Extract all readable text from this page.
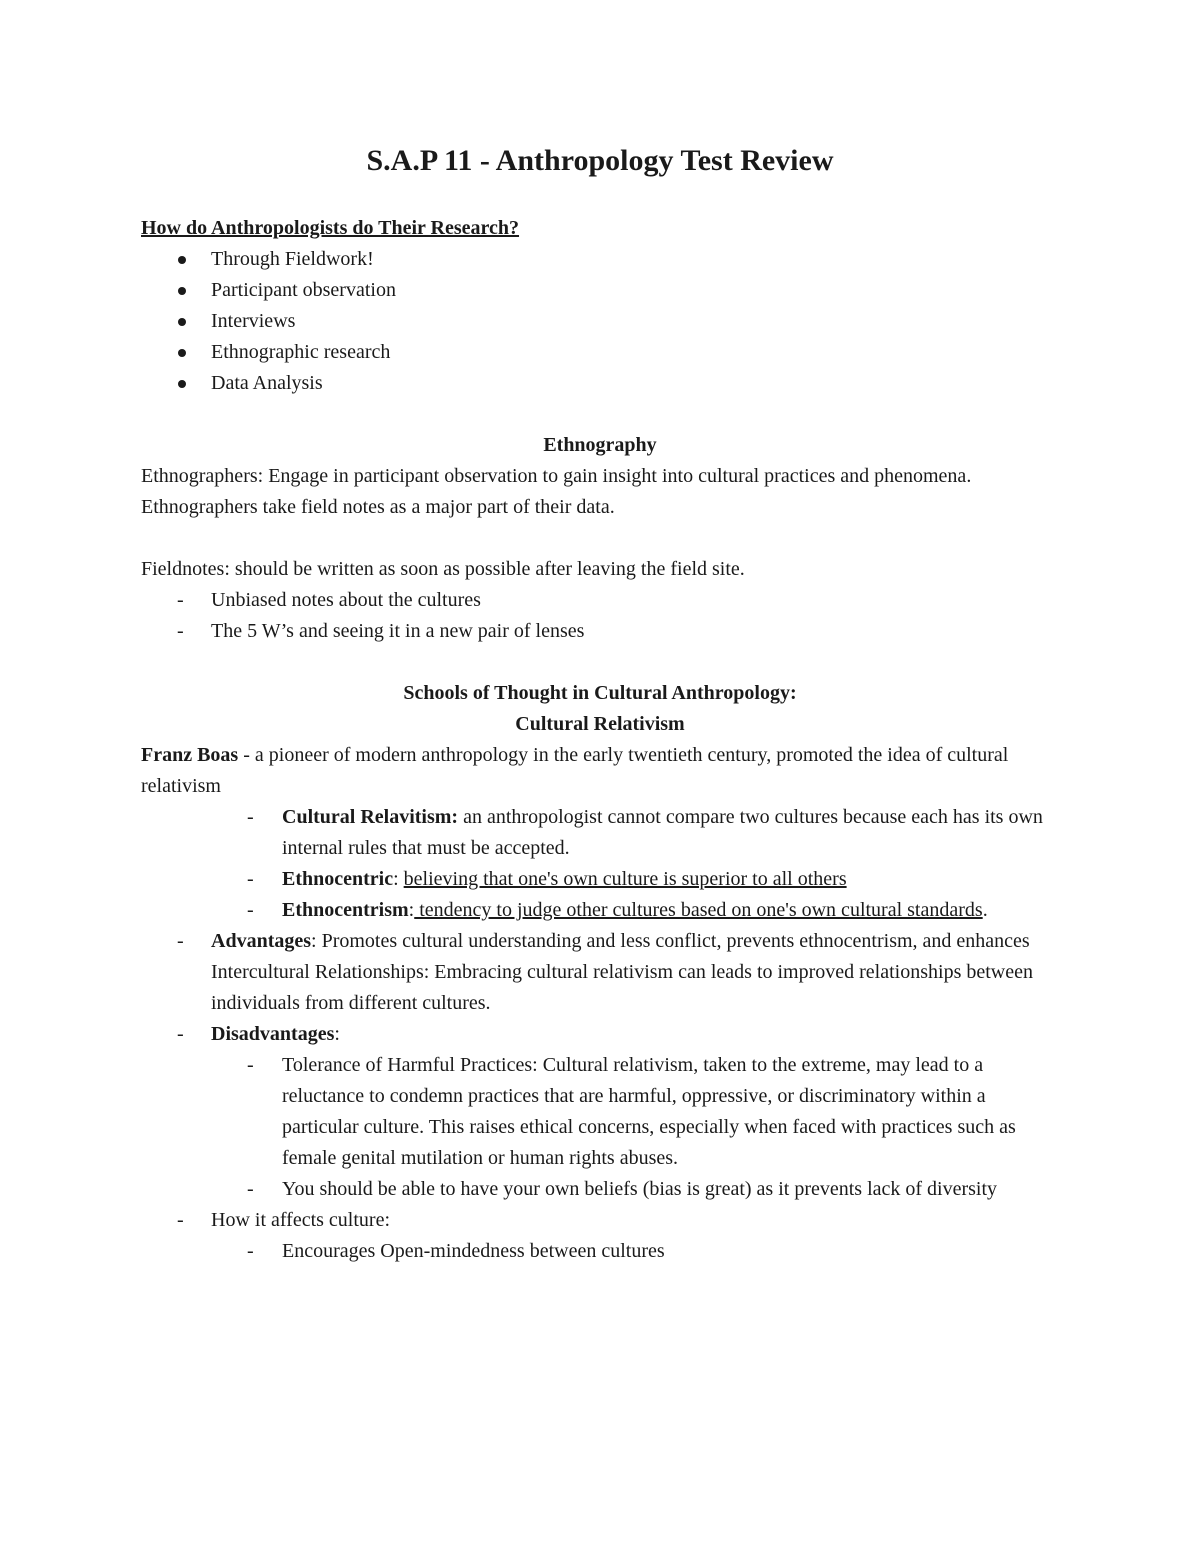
S.A.P 11 - Anthropology Test Review
How do Anthropologists do Their Research?
Through Fieldwork!
Participant observation
Interviews
Ethnographic research
Data Analysis
Ethnography
Ethnographers: Engage in participant observation to gain insight into cultural practices and phenomena. Ethnographers take field notes as a major part of their data.
Fieldnotes: should be written as soon as possible after leaving the field site.
- Unbiased notes about the cultures
- The 5 W’s and seeing it in a new pair of lenses
Schools of Thought in Cultural Anthropology:
Cultural Relativism
Franz Boas - a pioneer of modern anthropology in the early twentieth century, promoted the idea of cultural relativism
- Cultural Relavitism: an anthropologist cannot compare two cultures because each has its own internal rules that must be accepted.
- Ethnocentric: believing that one's own culture is superior to all others
- Ethnocentrism: tendency to judge other cultures based on one's own cultural standards.
- Advantages: Promotes cultural understanding and less conflict, prevents ethnocentrism, and enhances Intercultural Relationships: Embracing cultural relativism can leads to improved relationships between individuals from different cultures.
- Disadvantages:
- Tolerance of Harmful Practices: Cultural relativism, taken to the extreme, may lead to a reluctance to condemn practices that are harmful, oppressive, or discriminatory within a particular culture. This raises ethical concerns, especially when faced with practices such as female genital mutilation or human rights abuses.
- You should be able to have your own beliefs (bias is great) as it prevents lack of diversity
- How it affects culture:
- Encourages Open-mindedness between cultures
